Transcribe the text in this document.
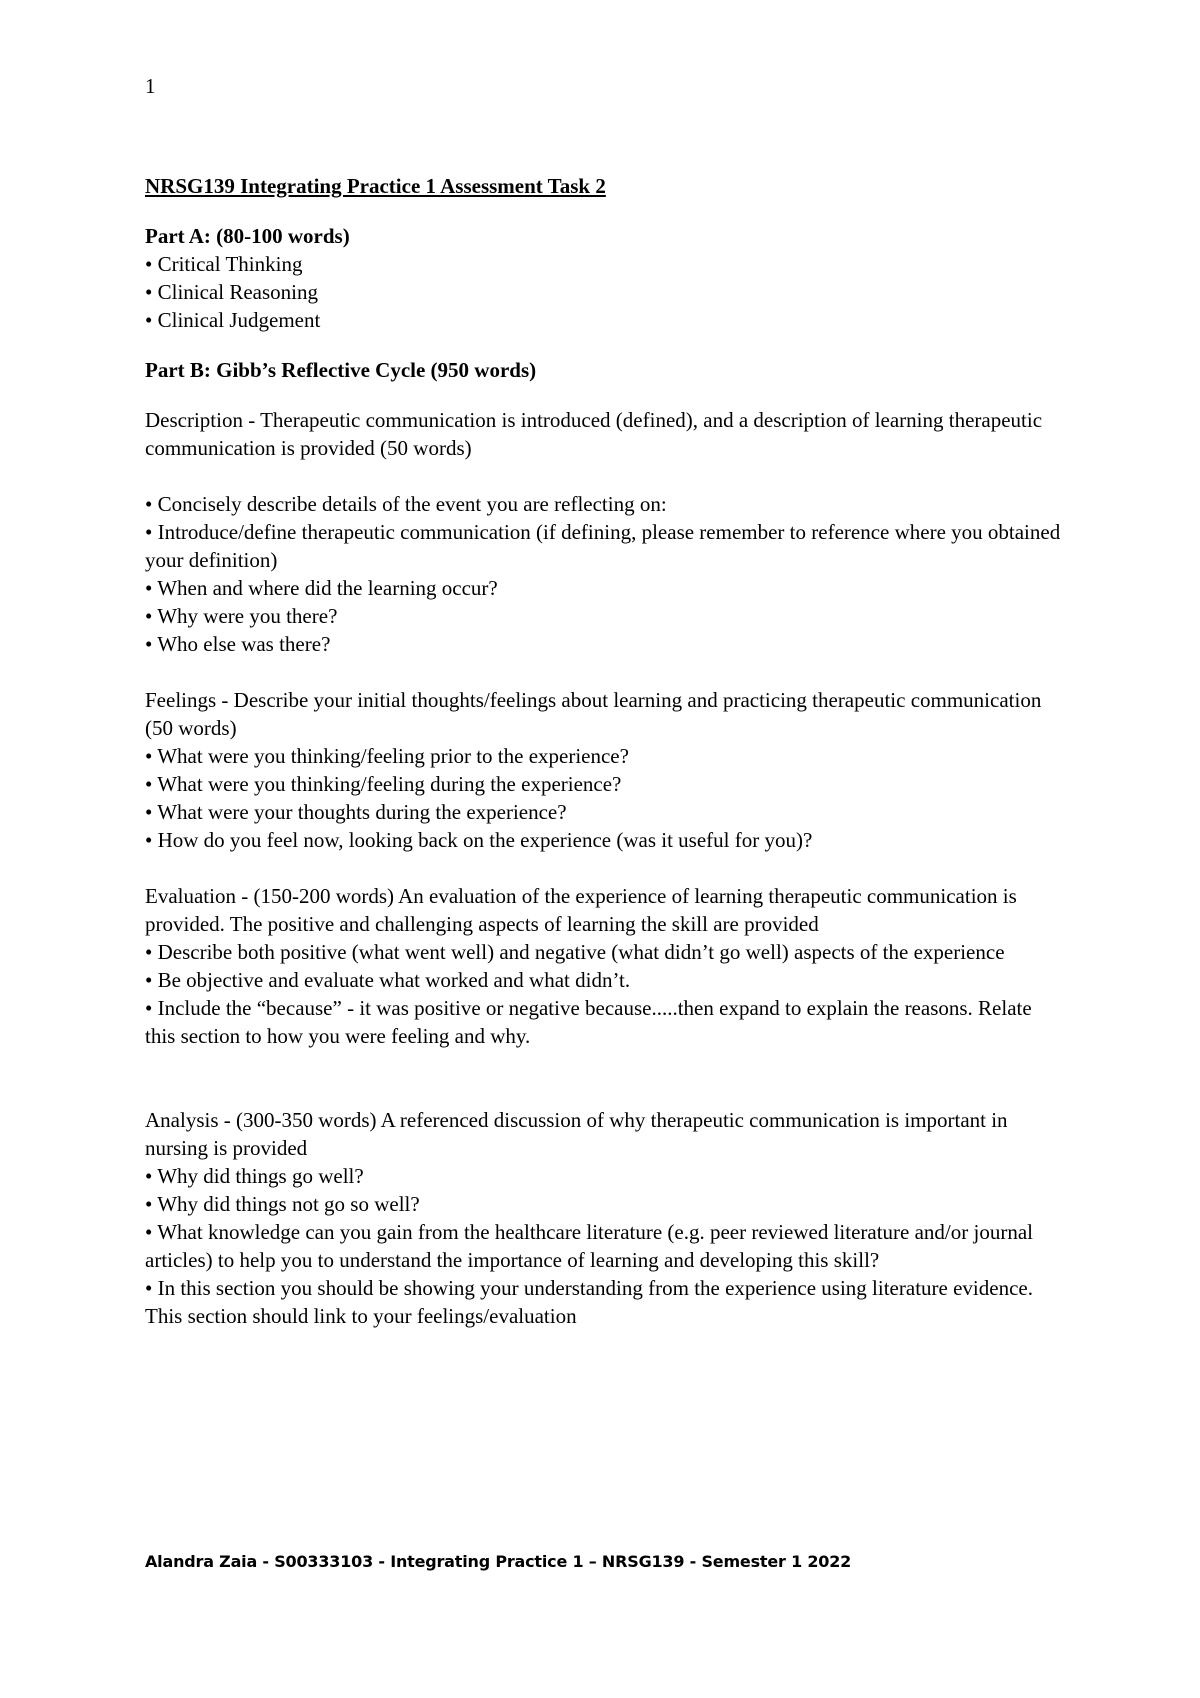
1
NRSG139 Integrating Practice 1 Assessment Task 2
Part A: (80-100 words)
• Critical Thinking
• Clinical Reasoning
• Clinical Judgement
Part B: Gibb’s Reflective Cycle (950 words)

Description - Therapeutic communication is introduced (defined), and a description of learning therapeutic communication is provided (50 words)

• Concisely describe details of the event you are reflecting on:
• Introduce/define therapeutic communication (if defining, please remember to reference where you obtained your definition)
• When and where did the learning occur?
• Why were you there?
• Who else was there?

Feelings - Describe your initial thoughts/feelings about learning and practicing therapeutic communication (50 words)

• What were you thinking/feeling prior to the experience?
• What were you thinking/feeling during the experience?
• What were your thoughts during the experience?
• How do you feel now, looking back on the experience (was it useful for you)?

Evaluation - (150-200 words) An evaluation of the experience of learning therapeutic communication is provided. The positive and challenging aspects of learning the skill are provided

• Describe both positive (what went well) and negative (what didn’t go well) aspects of the experience
• Be objective and evaluate what worked and what didn’t.
• Include the “because” - it was positive or negative because.....then expand to explain the reasons. Relate this section to how you were feeling and why.

Analysis - (300-350 words) A referenced discussion of why therapeutic communication is important in nursing is provided

• Why did things go well?
• Why did things not go so well?
• What knowledge can you gain from the healthcare literature (e.g. peer reviewed literature and/or journal articles) to help you to understand the importance of learning and developing this skill?
• In this section you should be showing your understanding from the experience using literature evidence. This section should link to your feelings/evaluation
Alandra Zaia - S00333103 - Integrating Practice 1 – NRSG139 - Semester 1 2022
